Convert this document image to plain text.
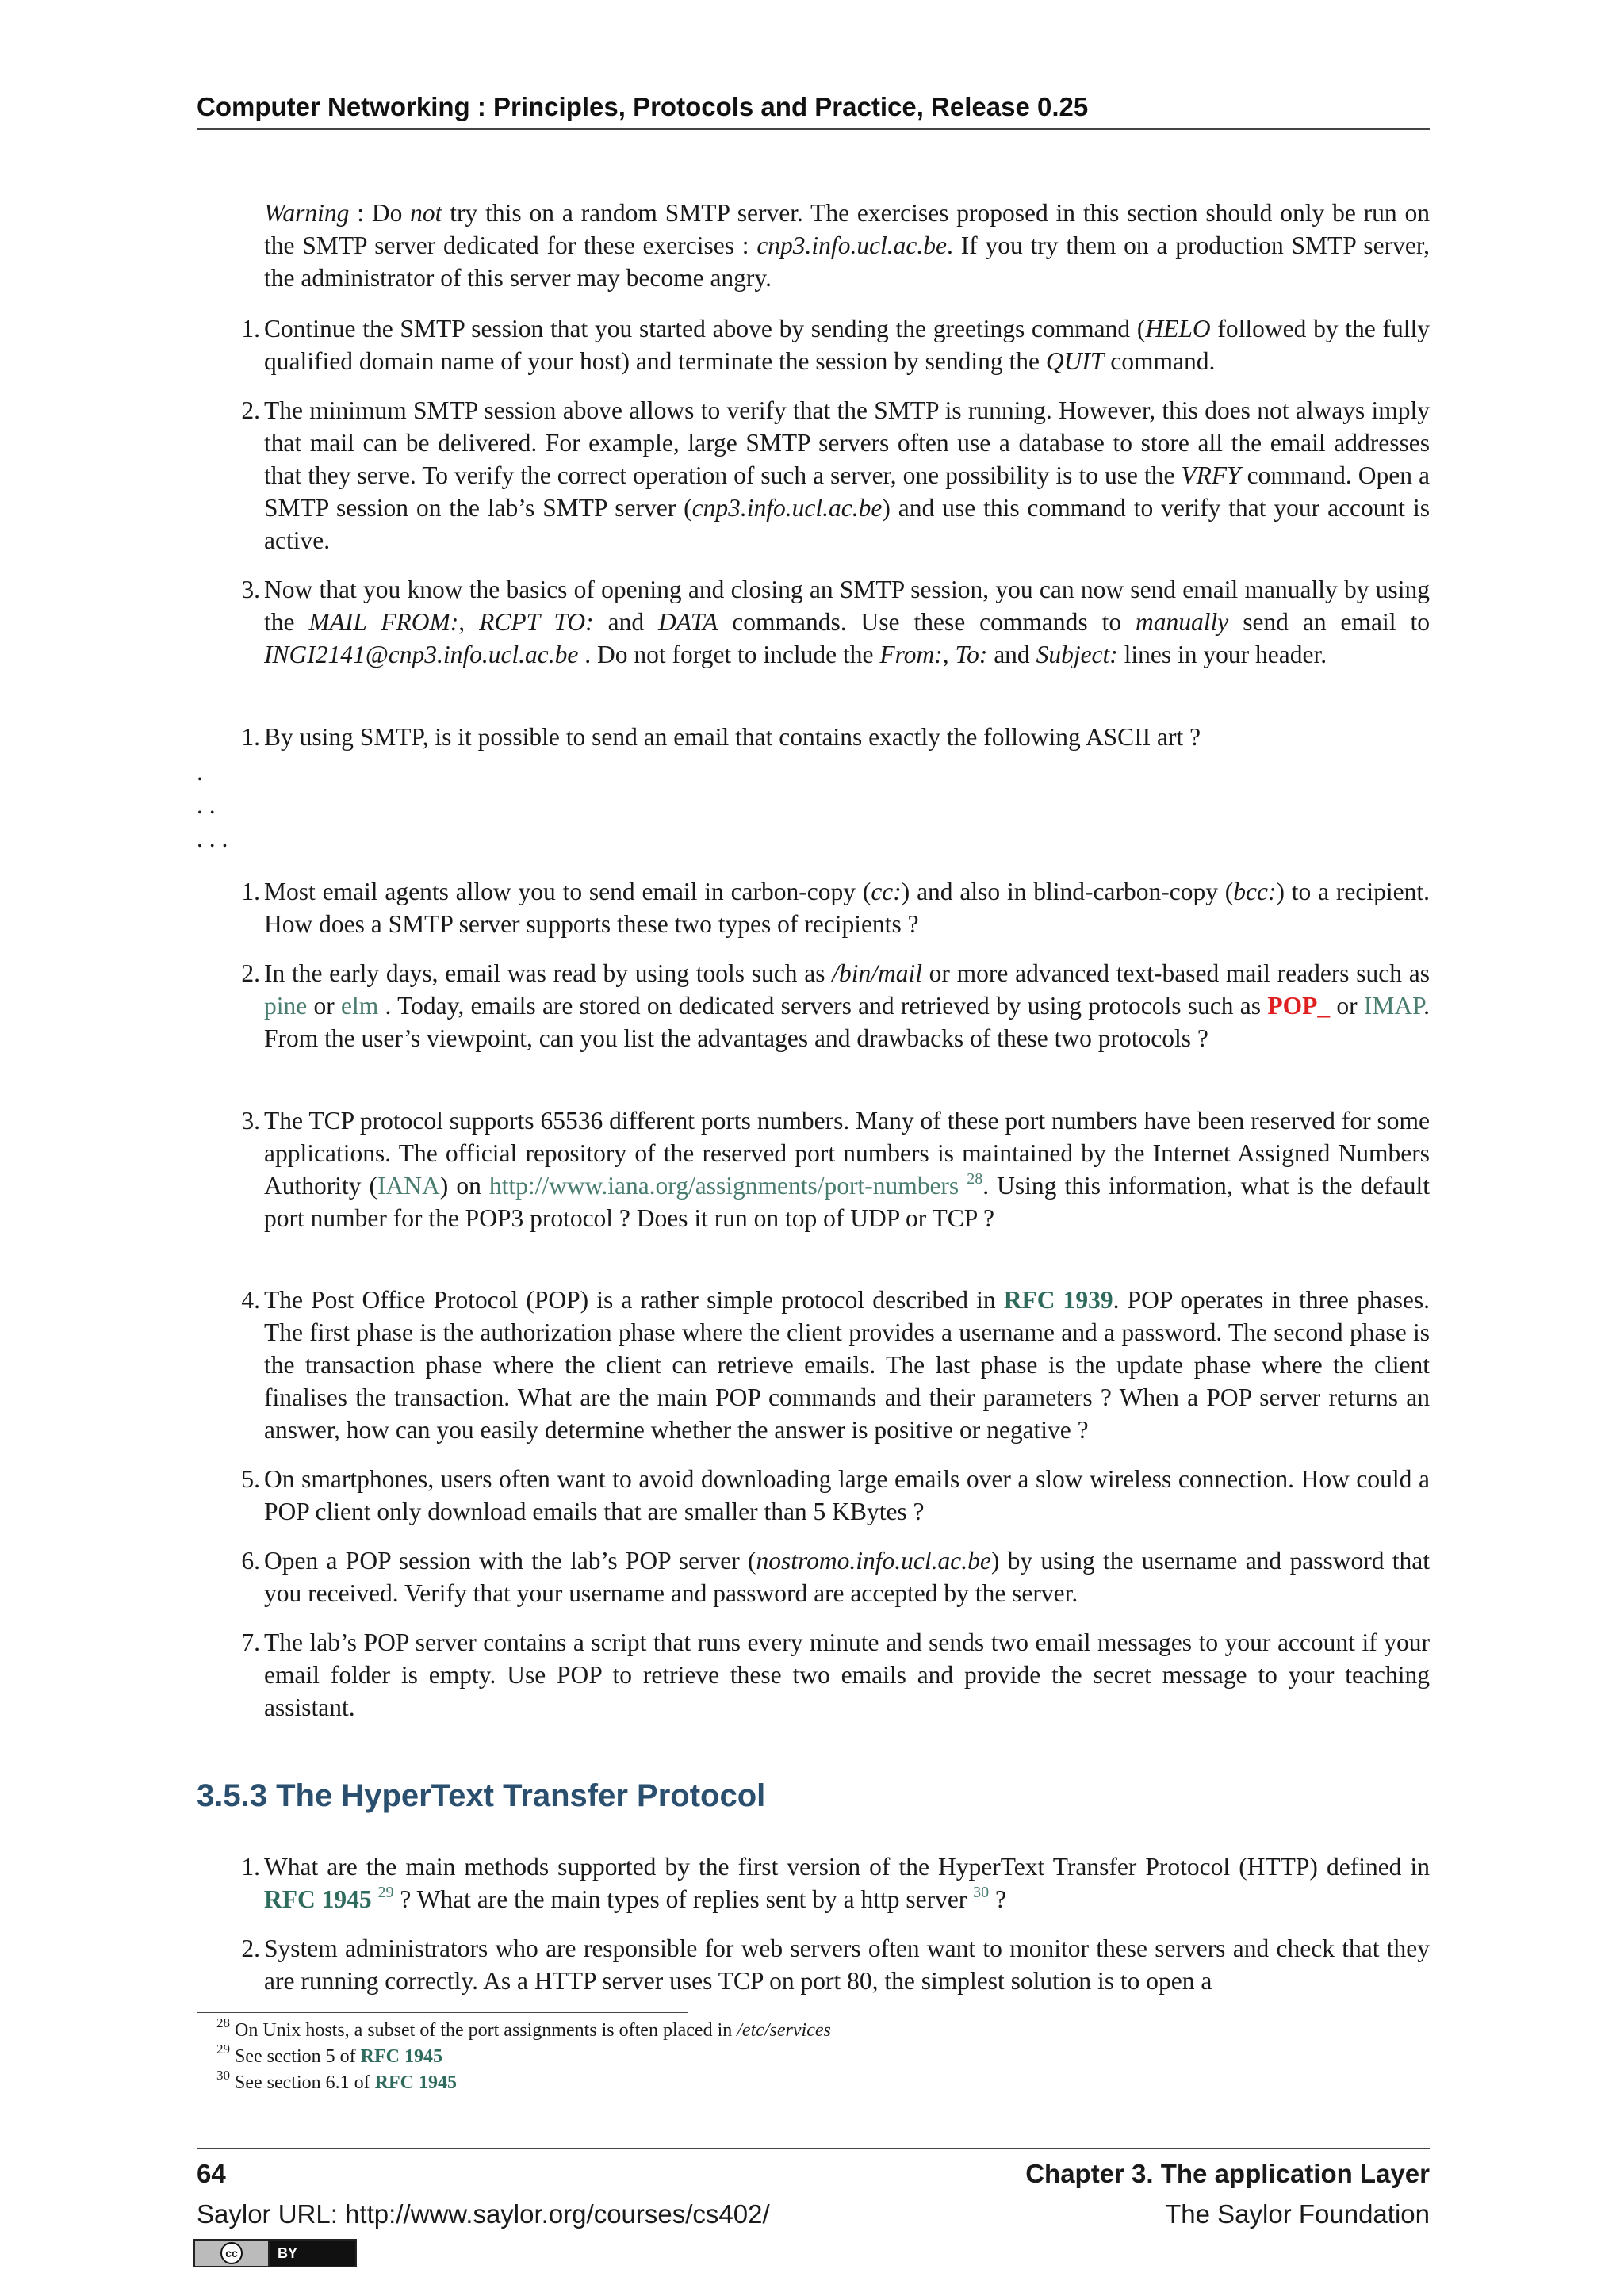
Computer Networking : Principles, Protocols and Practice, Release 0.25

Warning : Do not try this on a random SMTP server. The exercises proposed in this section should only be run on the SMTP server dedicated for these exercises : cnp3.info.ucl.ac.be. If you try them on a production SMTP server, the administrator of this server may become angry.

1. Continue the SMTP session that you started above by sending the greetings command (HELO followed by the fully qualified domain name of your host) and terminate the session by sending the QUIT command.

2. The minimum SMTP session above allows to verify that the SMTP is running. However, this does not always imply that mail can be delivered. For example, large SMTP servers often use a database to store all the email addresses that they serve. To verify the correct operation of such a server, one possibility is to use the VRFY command. Open a SMTP session on the lab’s SMTP server (cnp3.info.ucl.ac.be) and use this command to verify that your account is active.

3. Now that you know the basics of opening and closing an SMTP session, you can now send email manually by using the MAIL FROM:, RCPT TO: and DATA commands. Use these commands to manually send an email to INGI2141@cnp3.info.ucl.ac.be . Do not forget to include the From:, To: and Subject: lines in your header.

1. By using SMTP, is it possible to send an email that contains exactly the following ASCII art ?

.
. .
. . .
1. Most email agents allow you to send email in carbon-copy (cc:) and also in blind-carbon-copy (bcc:) to a recipient. How does a SMTP server supports these two types of recipients ?

2. In the early days, email was read by using tools such as /bin/mail or more advanced text-based mail readers such as pine or elm . Today, emails are stored on dedicated servers and retrieved by using protocols such as POP_ or IMAP. From the user’s viewpoint, can you list the advantages and drawbacks of these two protocols ?

3. The TCP protocol supports 65536 different ports numbers. Many of these port numbers have been reserved for some applications. The official repository of the reserved port numbers is maintained by the Internet Assigned Numbers Authority (IANA) on http://www.iana.org/assignments/port-numbers $^{28}$. Using this information, what is the default port number for the POP3 protocol ? Does it run on top of UDP or TCP ?

4. The Post Office Protocol (POP) is a rather simple protocol described in RFC 1939. POP operates in three phases. The first phase is the authorization phase where the client provides a username and a password. The second phase is the transaction phase where the client can retrieve emails. The last phase is the update phase where the client finalises the transaction. What are the main POP commands and their parameters ? When a POP server returns an answer, how can you easily determine whether the answer is positive or negative ?

5. On smartphones, users often want to avoid downloading large emails over a slow wireless connection. How could a POP client only download emails that are smaller than 5 KBytes ?

6. Open a POP session with the lab’s POP server (nostromo.info.ucl.ac.be) by using the username and password that you received. Verify that your username and password are accepted by the server.

7. The lab’s POP server contains a script that runs every minute and sends two email messages to your account if your email folder is empty. Use POP to retrieve these two emails and provide the secret message to your teaching assistant.

3.5.3 The HyperText Transfer Protocol
1. What are the main methods supported by the first version of the HyperText Transfer Protocol (HTTP) defined in RFC 1945 $^{29}$ ? What are the main types of replies sent by a http server $^{30}$ ?

2. System administrators who are responsible for web servers often want to monitor these servers and check that they are running correctly. As a HTTP server uses TCP on port 80, the simplest solution is to open a

$^{28}$ On Unix hosts, a subset of the port assignments is often placed in /etc/services
$^{29}$ See section 5 of RFC 1945
$^{30}$ See section 6.1 of RFC 1945
64	Chapter 3. The application Layer
Saylor URL: http://www.saylor.org/courses/cs402/	The Saylor Foundation
cc	BY
